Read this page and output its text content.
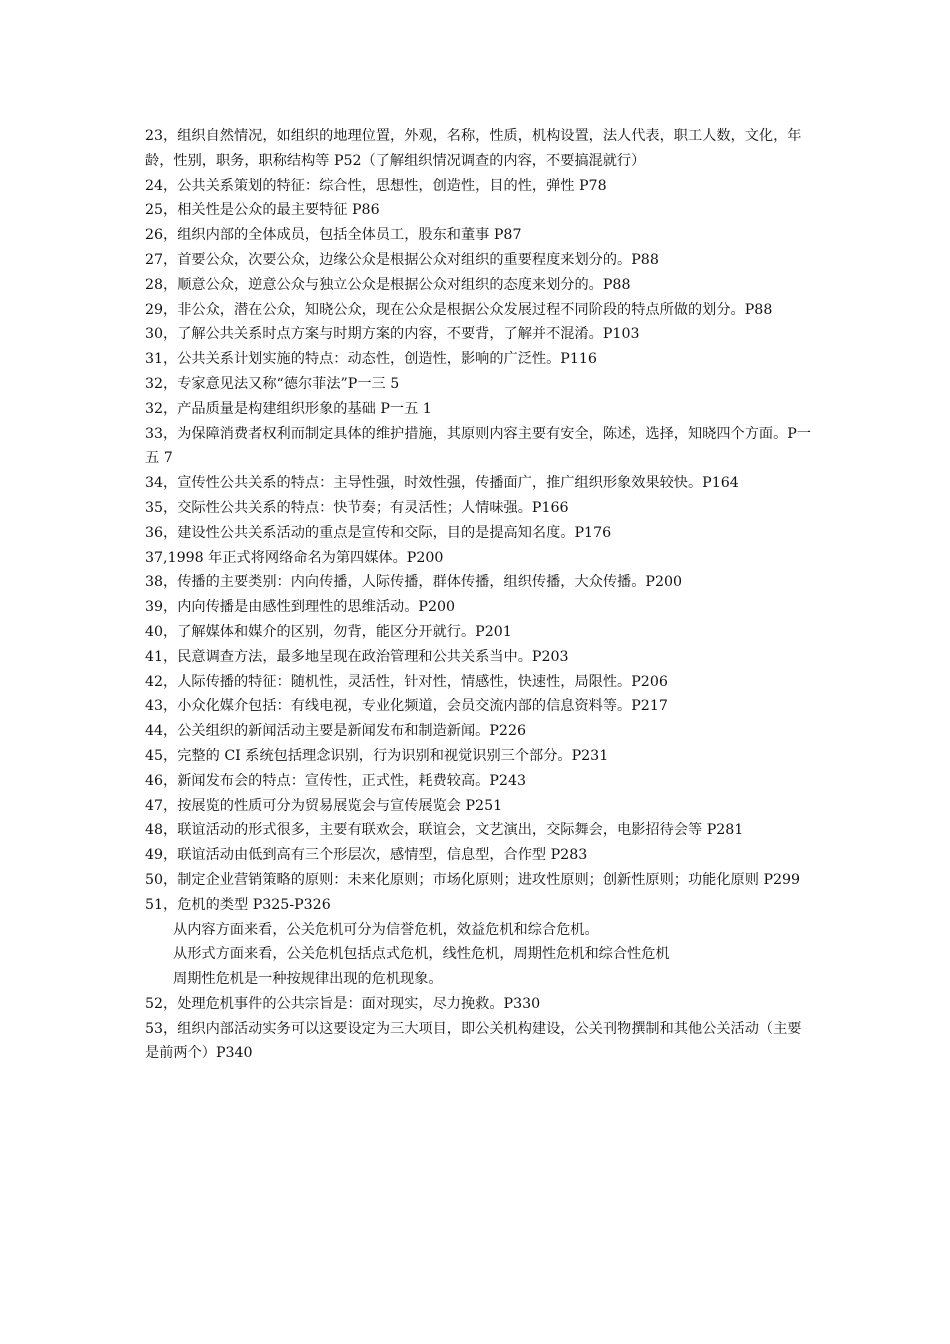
23，组织自然情况，如组织的地理位置，外观，名称，性质，机构设置，法人代表，职工人数，文化，年龄，性别，职务，职称结构等 P52（了解组织情况调查的内容，不要搞混就行）

24，公共关系策划的特征：综合性，思想性，创造性，目的性，弹性 P78

25，相关性是公众的最主要特征 P86

26，组织内部的全体成员，包括全体员工，股东和董事 P87

27，首要公众，次要公众，边缘公众是根据公众对组织的重要程度来划分的。P88

28，顺意公众，逆意公众与独立公众是根据公众对组织的态度来划分的。P88

29，非公众，潜在公众，知晓公众，现在公众是根据公众发展过程不同阶段的特点所做的划分。P88

30，了解公共关系时点方案与时期方案的内容，不要背，了解并不混淆。P103

31，公共关系计划实施的特点：动态性，创造性，影响的广泛性。P116

32，专家意见法又称“德尔菲法”P一三 5

32，产品质量是构建组织形象的基础 P一五 1

33，为保障消费者权利而制定具体的维护措施，其原则内容主要有安全，陈述，选择，知晓四个方面。P一五 7

34，宣传性公共关系的特点：主导性强，时效性强，传播面广，推广组织形象效果较快。P164

35，交际性公共关系的特点：快节奏；有灵活性；人情味强。P166

36，建设性公共关系活动的重点是宣传和交际，目的是提高知名度。P176

37,1998 年正式将网络命名为第四媒体。P200

38，传播的主要类别：内向传播，人际传播，群体传播，组织传播，大众传播。P200

39，内向传播是由感性到理性的思维活动。P200

40，了解媒体和媒介的区别，勿背，能区分开就行。P201

41，民意调查方法，最多地呈现在政治管理和公共关系当中。P203

42，人际传播的特征：随机性，灵活性，针对性，情感性，快速性，局限性。P206

43，小众化媒介包括：有线电视，专业化频道，会员交流内部的信息资料等。P217

44，公关组织的新闻活动主要是新闻发布和制造新闻。P226

45，完整的 CI 系统包括理念识别，行为识别和视觉识别三个部分。P231

46，新闻发布会的特点：宣传性，正式性，耗费较高。P243

47，按展览的性质可分为贸易展览会与宣传展览会 P251

48，联谊活动的形式很多，主要有联欢会，联谊会，文艺演出，交际舞会，电影招待会等 P281

49，联谊活动由低到高有三个形层次，感情型，信息型，合作型 P283

50，制定企业营销策略的原则：未来化原则；市场化原则；进攻性原则；创新性原则；功能化原则 P299

51，危机的类型 P325-P326

从内容方面来看，公关危机可分为信誉危机，效益危机和综合危机。

从形式方面来看，公关危机包括点式危机，线性危机，周期性危机和综合性危机

周期性危机是一种按规律出现的危机现象。

52，处理危机事件的公共宗旨是：面对现实，尽力挽救。P330

53，组织内部活动实务可以这要设定为三大项目，即公关机构建设，公关刊物撰制和其他公关活动（主要是前两个）P340
